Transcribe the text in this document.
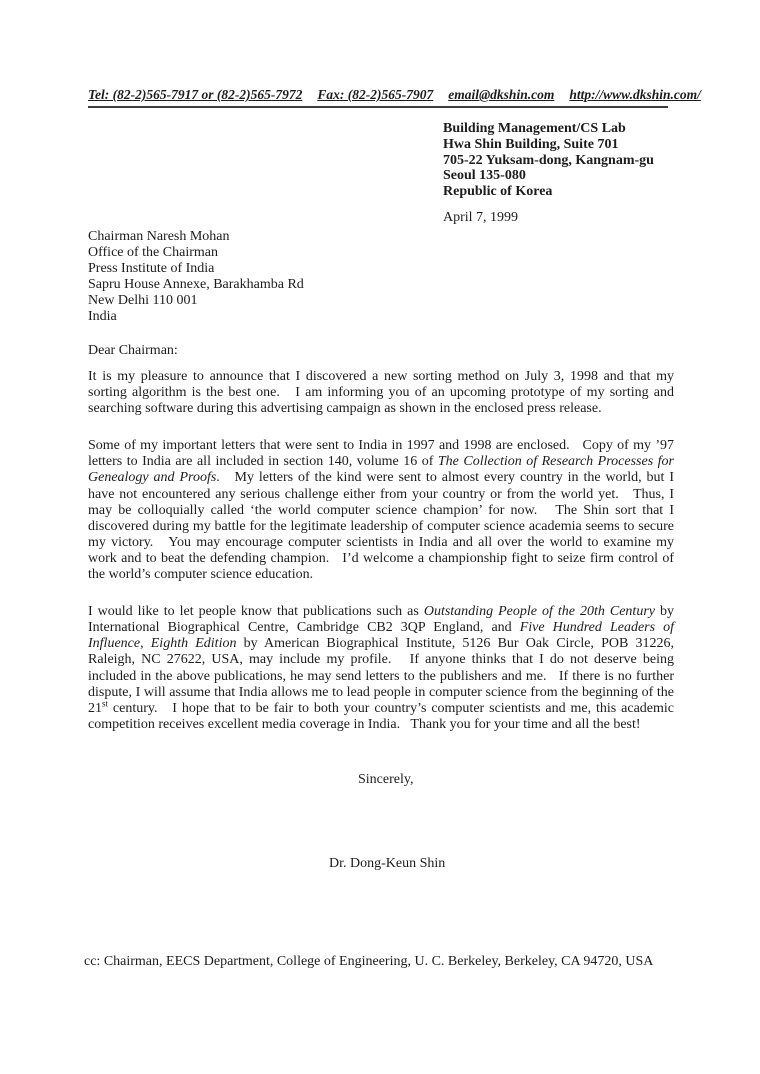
Tel: (82-2)565-7917 or (82-2)565-7972 Fax: (82-2)565-7907 email@dkshin.com http://www.dkshin.com/
Building Management/CS Lab
Hwa Shin Building, Suite 701
705-22 Yuksam-dong, Kangnam-gu
Seoul 135-080
Republic of Korea
April 7, 1999
Chairman Naresh Mohan
Office of the Chairman
Press Institute of India
Sapru House Annexe, Barakhamba Rd
New Delhi 110 001
India
Dear Chairman:

It is my pleasure to announce that I discovered a new sorting method on July 3, 1998 and that my sorting algorithm is the best one.   I am informing you of an upcoming prototype of my sorting and searching software during this advertising campaign as shown in the enclosed press release.

Some of my important letters that were sent to India in 1997 and 1998 are enclosed.   Copy of my ’97 letters to India are all included in section 140, volume 16 of The Collection of Research Processes for Genealogy and Proofs.   My letters of the kind were sent to almost every country in the world, but I have not encountered any serious challenge either from your country or from the world yet.   Thus, I may be colloquially called ‘the world computer science champion’ for now.   The Shin sort that I discovered during my battle for the legitimate leadership of computer science academia seems to secure my victory.   You may encourage computer scientists in India and all over the world to examine my work and to beat the defending champion.   I’d welcome a championship fight to seize firm control of the world’s computer science education.

I would like to let people know that publications such as Outstanding People of the 20th Century by International Biographical Centre, Cambridge CB2 3QP England, and Five Hundred Leaders of Influence, Eighth Edition by American Biographical Institute, 5126 Bur Oak Circle, POB 31226, Raleigh, NC 27622, USA, may include my profile.   If anyone thinks that I do not deserve being included in the above publications, he may send letters to the publishers and me.   If there is no further dispute, I will assume that India allows me to lead people in computer science from the beginning of the 21st century.   I hope that to be fair to both your country’s computer scientists and me, this academic competition receives excellent media coverage in India.   Thank you for your time and all the best!

Sincerely,
Dr. Dong-Keun Shin
cc: Chairman, EECS Department, College of Engineering, U. C. Berkeley, Berkeley, CA 94720, USA
